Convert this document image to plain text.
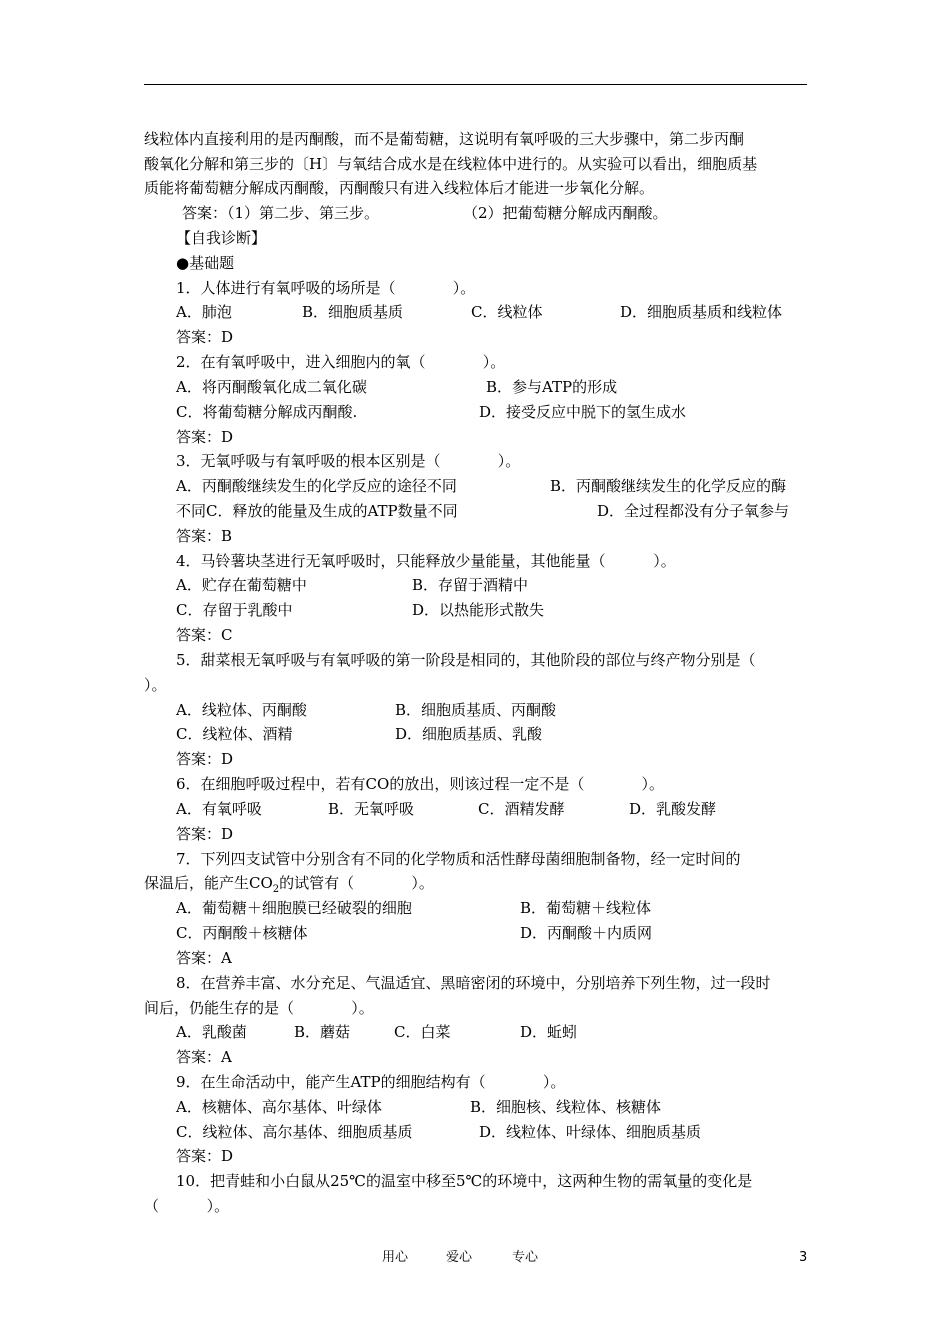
线粒体内直接利用的是丙酮酸，而不是葡萄糖，这说明有氧呼吸的三大步骤中，第二步丙酮
酸氧化分解和第三步的〔H〕与氧结合成水是在线粒体中进行的。从实验可以看出，细胞质基
质能将葡萄糖分解成丙酮酸，丙酮酸只有进入线粒体后才能进一步氧化分解。
答案：（1）第二步、第三步。	（2）把葡萄糖分解成丙酮酸。
【自我诊断】
●基础题
1．人体进行有氧呼吸的场所是（            ）。
A．肺泡	B．细胞质基质	C．线粒体	D．细胞质基质和线粒体
答案：D
2．在有氧呼吸中，进入细胞内的氧（            ）。
A．将丙酮酸氧化成二氧化碳	B．参与ATP的形成
C．将葡萄糖分解成丙酮酸.	D．接受反应中脱下的氢生成水
答案：D
3．无氧呼吸与有氧呼吸的根本区别是（            ）。
A．丙酮酸继续发生的化学反应的途径不同	B．丙酮酸继续发生的化学反应的酶
不同C．释放的能量及生成的ATP数量不同	D．全过程都没有分子氧参与
答案：B
4．马铃薯块茎进行无氧呼吸时，只能释放少量能量，其他能量（          ）。
A．贮存在葡萄糖中	B．存留于酒精中
C．存留于乳酸中	D．以热能形式散失
答案：C
5．甜菜根无氧呼吸与有氧呼吸的第一阶段是相同的，其他阶段的部位与终产物分别是（
）。
A．线粒体、丙酮酸	B．细胞质基质、丙酮酸
C．线粒体、酒精	D．细胞质基质、乳酸
答案：D
6．在细胞呼吸过程中，若有CO的放出，则该过程一定不是（            ）。
A．有氧呼吸	B．无氧呼吸	C．酒精发酵	D．乳酸发酵
答案：D
7．下列四支试管中分别含有不同的化学物质和活性酵母菌细胞制备物，经一定时间的
保温后，能产生$CO_2$的试管有（            ）。
A．葡萄糖＋细胞膜已经破裂的细胞	B．葡萄糖＋线粒体
C．丙酮酸＋核糖体	D．丙酮酸＋内质网
答案：A
8．在营养丰富、水分充足、气温适宜、黑暗密闭的环境中，分别培养下列生物，过一段时
间后，仍能生存的是（            ）。
A．乳酸菌	B．蘑菇	C．白菜	D．蚯蚓
答案：A
9．在生命活动中，能产生ATP的细胞结构有（            ）。
A．核糖体、高尔基体、叶绿体	B．细胞核、线粒体、核糖体
C．线粒体、高尔基体、细胞质基质	D．线粒体、叶绿体、细胞质基质
答案：D
10．把青蛙和小白鼠从25℃的温室中移至5℃的环境中，这两种生物的需氧量的变化是
（          ）。
用心	爱心	专心	3
